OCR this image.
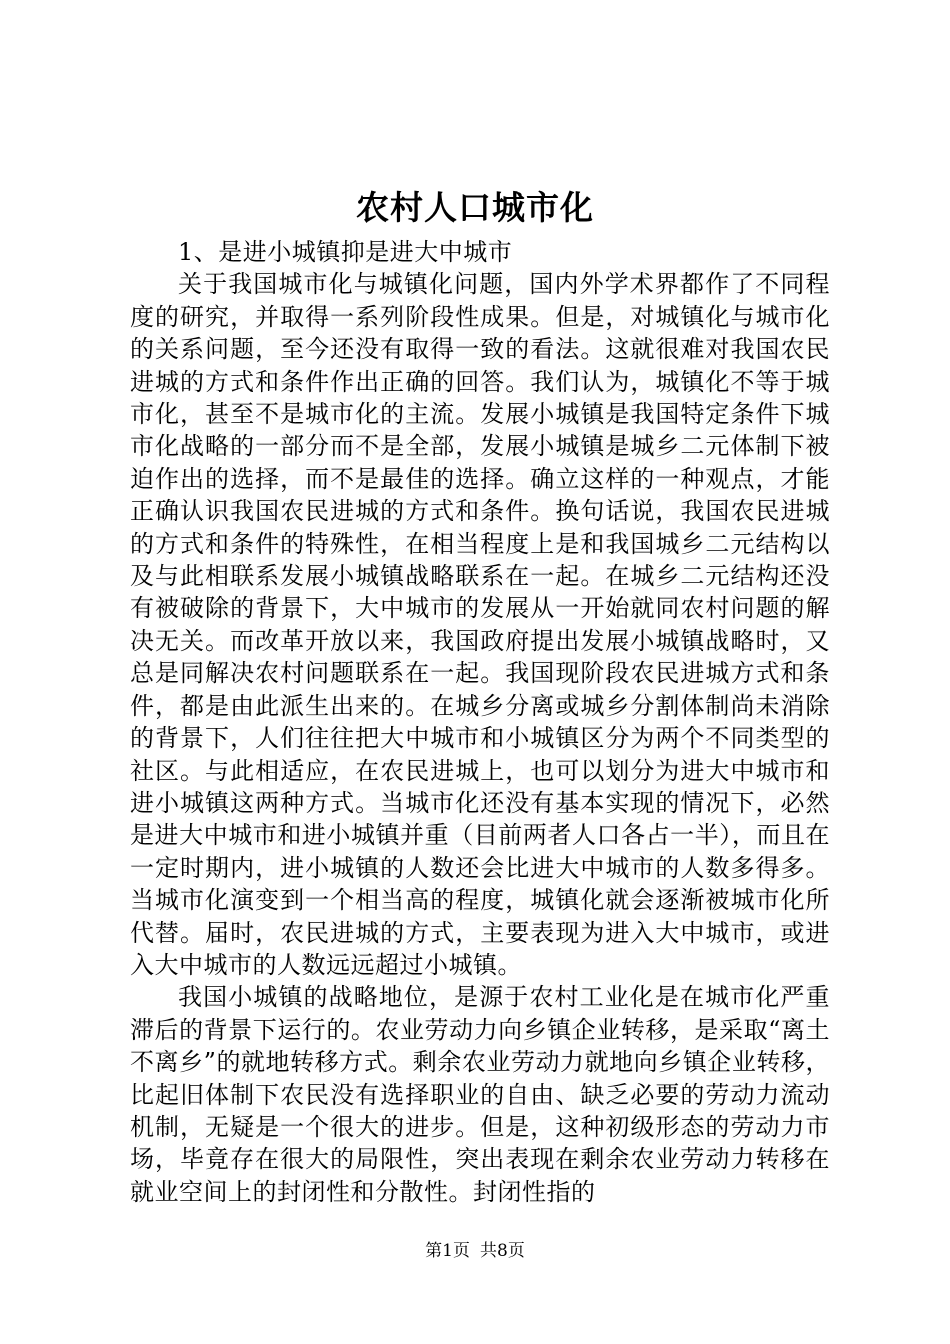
农村人口城市化

1、是进小城镇抑是进大中城市

关于我国城市化与城镇化问题，国内外学术界都作了不同程度的研究，并取得一系列阶段性成果。但是，对城镇化与城市化的关系问题，至今还没有取得一致的看法。这就很难对我国农民进城的方式和条件作出正确的回答。我们认为，城镇化不等于城市化，甚至不是城市化的主流。发展小城镇是我国特定条件下城市化战略的一部分而不是全部，发展小城镇是城乡二元体制下被迫作出的选择，而不是最佳的选择。确立这样的一种观点，才能正确认识我国农民进城的方式和条件。换句话说，我国农民进城的方式和条件的特殊性，在相当程度上是和我国城乡二元结构以及与此相联系发展小城镇战略联系在一起。在城乡二元结构还没有被破除的背景下，大中城市的发展从一开始就同农村问题的解决无关。而改革开放以来，我国政府提出发展小城镇战略时，又总是同解决农村问题联系在一起。我国现阶段农民进城方式和条件，都是由此派生出来的。在城乡分离或城乡分割体制尚未消除的背景下，人们往往把大中城市和小城镇区分为两个不同类型的社区。与此相适应，在农民进城上，也可以划分为进大中城市和进小城镇这两种方式。当城市化还没有基本实现的情况下，必然是进大中城市和进小城镇并重（目前两者人口各占一半），而且在一定时期内，进小城镇的人数还会比进大中城市的人数多得多。当城市化演变到一个相当高的程度，城镇化就会逐渐被城市化所代替。届时，农民进城的方式，主要表现为进入大中城市，或进入大中城市的人数远远超过小城镇。

我国小城镇的战略地位，是源于农村工业化是在城市化严重滞后的背景下运行的。农业劳动力向乡镇企业转移，是采取“离土不离乡”的就地转移方式。剩余农业劳动力就地向乡镇企业转移，比起旧体制下农民没有选择职业的自由、缺乏必要的劳动力流动机制，无疑是一个很大的进步。但是，这种初级形态的劳动力市场，毕竟存在很大的局限性，突出表现在剩余农业劳动力转移在就业空间上的封闭性和分散性。封闭性指的

第1页 共8页
